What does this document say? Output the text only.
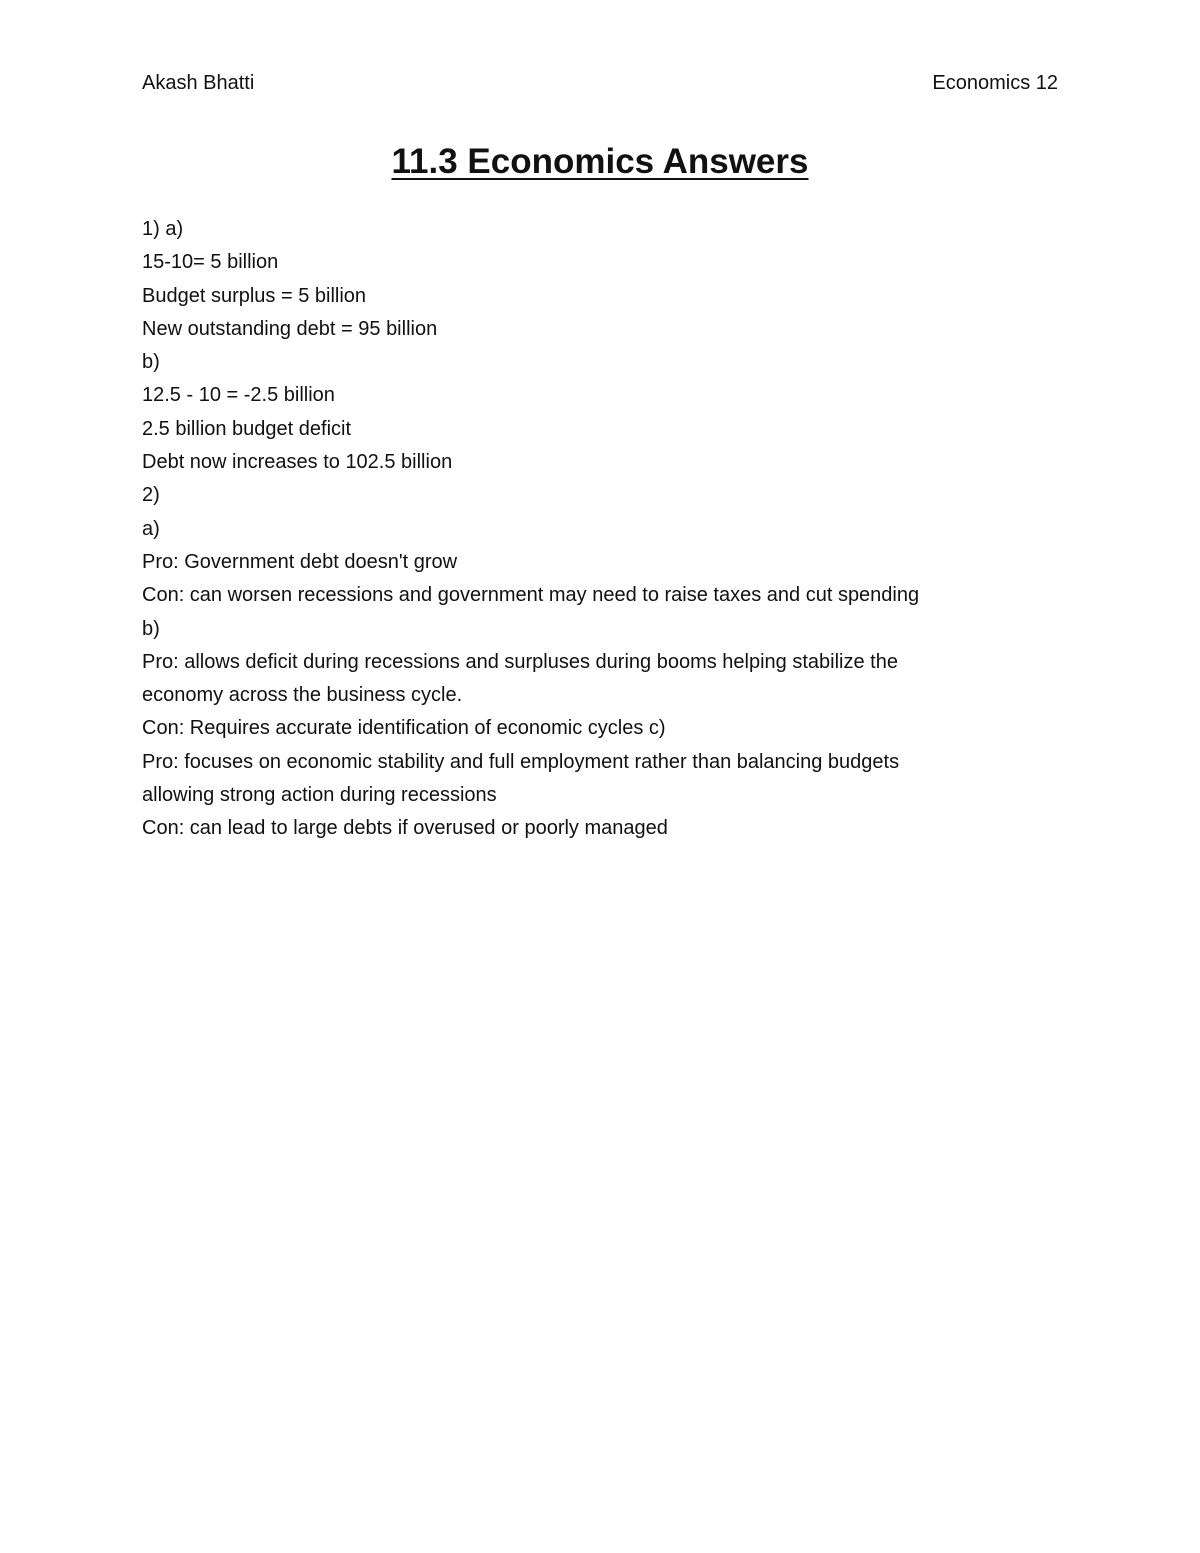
Akash Bhatti	Economics 12
11.3 Economics Answers
1) a)
15-10= 5 billion
Budget surplus = 5 billion
New outstanding debt = 95 billion
b)
12.5 - 10 = -2.5 billion
2.5 billion budget deficit
Debt now increases to 102.5 billion
2)
a)
Pro: Government debt doesn't grow
Con: can worsen recessions and government may need to raise taxes and cut spending
b)
Pro: allows deficit during recessions and surpluses during booms helping stabilize the
economy across the business cycle.
Con: Requires accurate identification of economic cycles c)
Pro: focuses on economic stability and full employment rather than balancing budgets
allowing strong action during recessions
Con: can lead to large debts if overused or poorly managed
